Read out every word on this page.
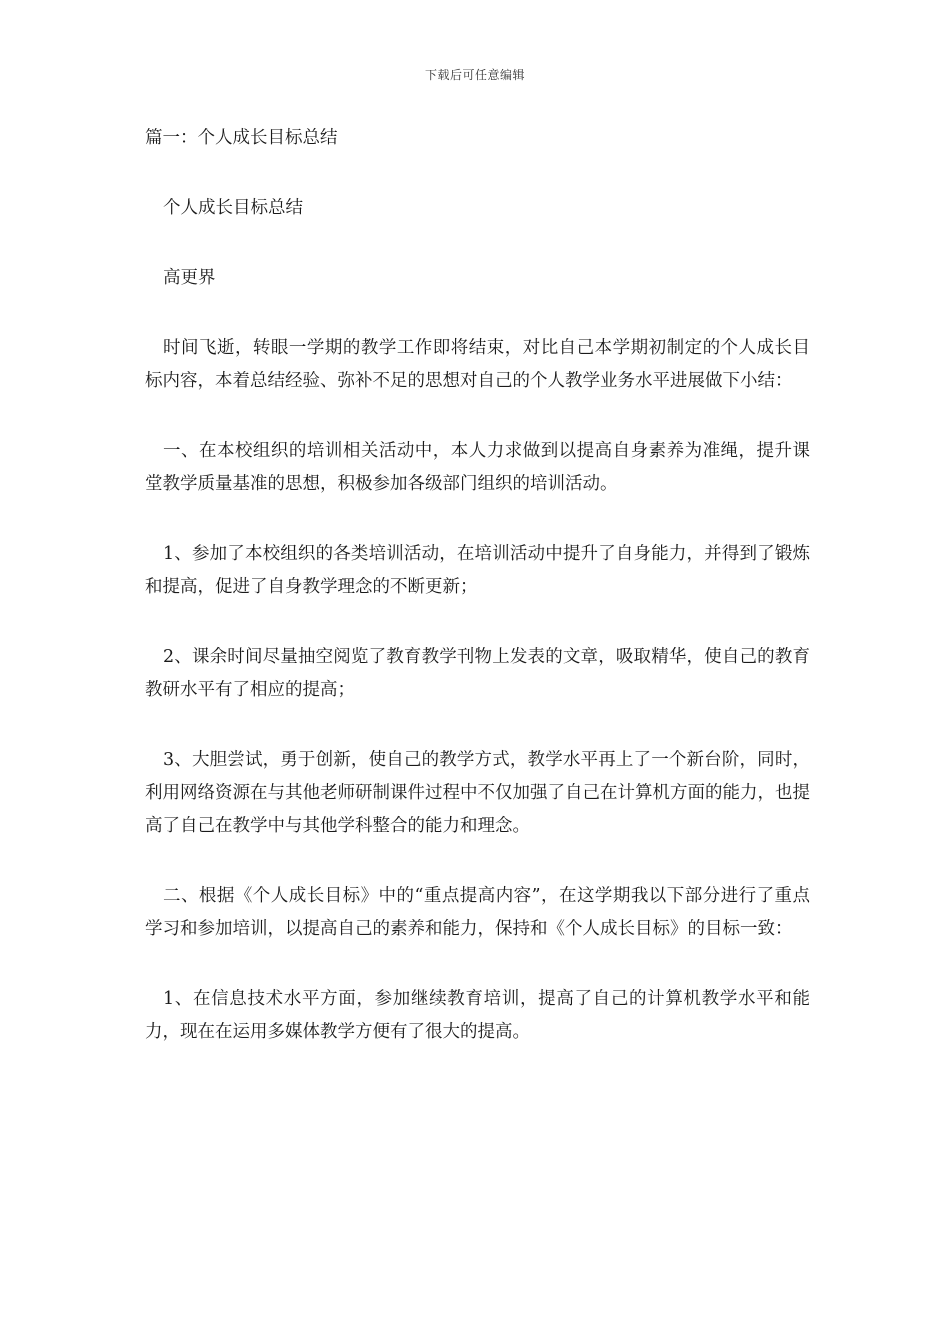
下载后可任意编辑

篇一：个人成长目标总结

个人成长目标总结

高更界

时间飞逝，转眼一学期的教学工作即将结束，对比自己本学期初制定的个人成长目标内容，本着总结经验、弥补不足的思想对自己的个人教学业务水平进展做下小结：

一、在本校组织的培训相关活动中，本人力求做到以提高自身素养为准绳，提升课堂教学质量基准的思想，积极参加各级部门组织的培训活动。

1、参加了本校组织的各类培训活动，在培训活动中提升了自身能力，并得到了锻炼和提高，促进了自身教学理念的不断更新；

2、课余时间尽量抽空阅览了教育教学刊物上发表的文章，吸取精华，使自己的教育教研水平有了相应的提高；

3、大胆尝试，勇于创新，使自己的教学方式，教学水平再上了一个新台阶，同时，利用网络资源在与其他老师研制课件过程中不仅加强了自己在计算机方面的能力，也提高了自己在教学中与其他学科整合的能力和理念。

二、根据《个人成长目标》中的“重点提高内容”，在这学期我以下部分进行了重点学习和参加培训，以提高自己的素养和能力，保持和《个人成长目标》的目标一致：

1、在信息技术水平方面，参加继续教育培训，提高了自己的计算机教学水平和能力，现在在运用多媒体教学方便有了很大的提高。
